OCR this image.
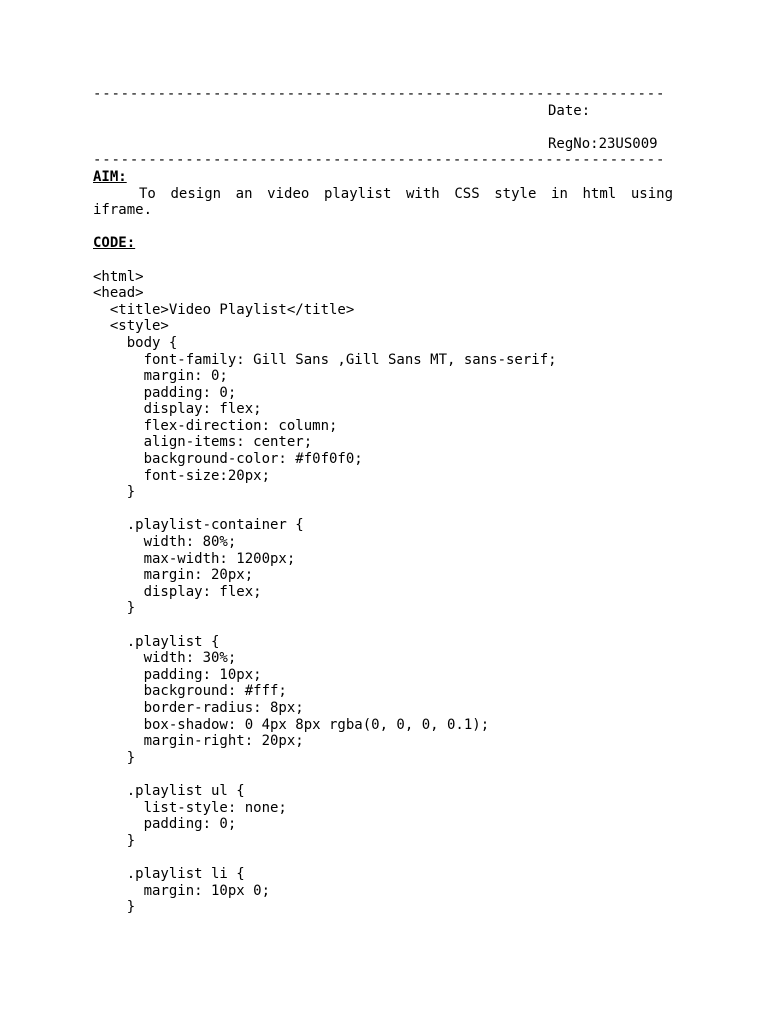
--------------------------------------------------------------

Date:

RegNo:23US009

--------------------------------------------------------------
AIM:
To design an video playlist with CSS style in html using
iframe.
CODE:
<html>
<head>
<title>Video Playlist</title>
<style>
body {
font-family: Gill Sans ,Gill Sans MT, sans-serif;
margin: 0;
padding: 0;
display: flex;
flex-direction: column;
align-items: center;
background-color: #f0f0f0;
font-size:20px;
}
.playlist-container {
width: 80%;
max-width: 1200px;
margin: 20px;
display: flex;
}
.playlist {
width: 30%;
padding: 10px;
background: #fff;
border-radius: 8px;
box-shadow: 0 4px 8px rgba(0, 0, 0, 0.1);
margin-right: 20px;
}
.playlist ul {
list-style: none;
padding: 0;
}
.playlist li {
margin: 10px 0;
}
